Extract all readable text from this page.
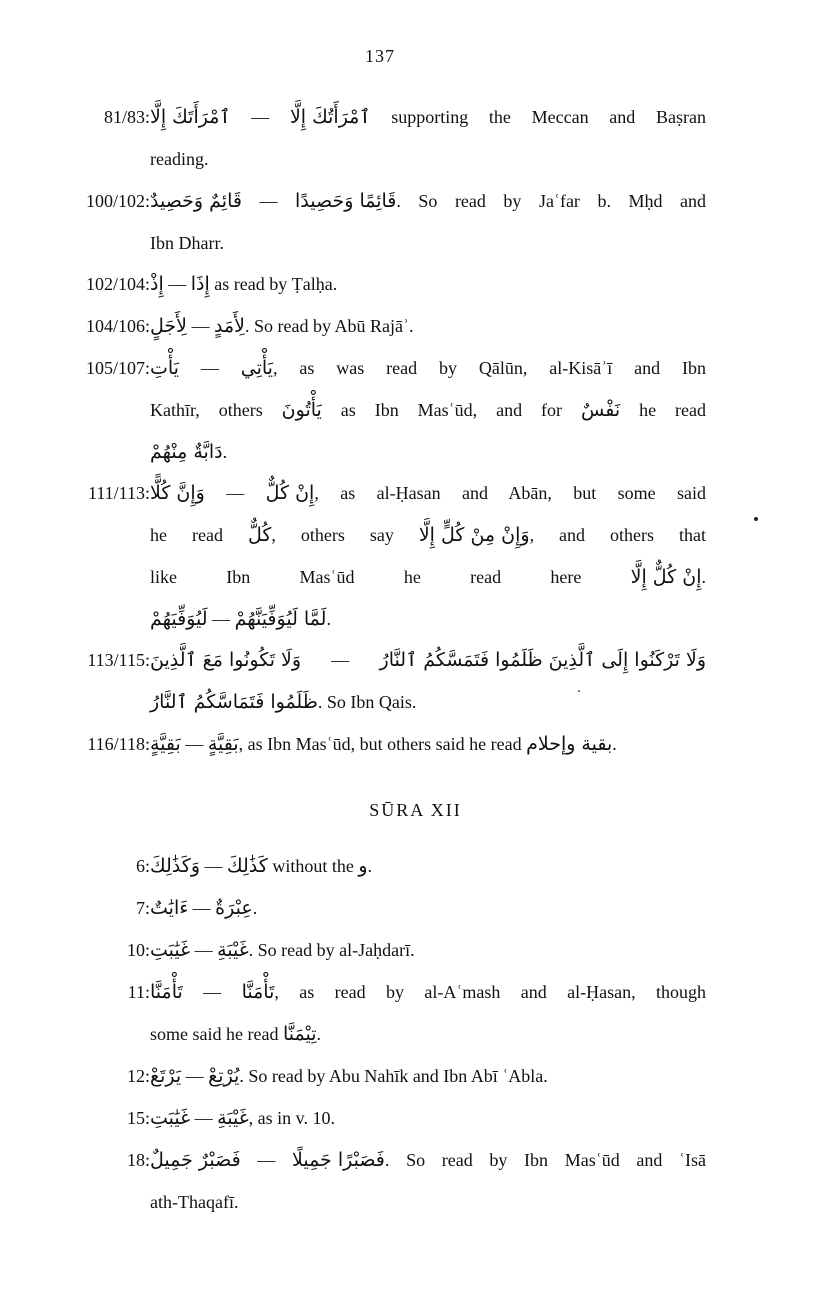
137
81/83: ٱمْرَأَتَكَ إِلَّا — ٱمْرَأَتُكَ إِلَّا supporting the Meccan and Baṣran
reading.
100/102: قَائِمٌ وَحَصِيدٌ — قَائِمًا وَحَصِيدًا. So read by Jaʿfar b. Mḥd and
Ibn Dharr.
102/104: إِذْ — إِذَا as read by Ṭalḥa.
104/106: لِأَجَلٍ — لِأَمَدٍ. So read by Abū Rajāʾ.
105/107: يَأْتِ — يَأْتِي, as was read by Qālūn, al-Kisāʾī and Ibn
Kathīr, others يَأْتُونَ as Ibn Masʿūd, and for نَفْسٌ he read
دَابَّةٌ مِنْهُمْ.
111/113: وَإِنَّ كُلًّا — إِنْ كُلٌّ, as al-Ḥasan and Abān, but some said
he read كُلٌّ, others say وَإِنْ مِنْ كُلٍّ إِلَّا, and others that
like Ibn Masʿūd he read here إِنْ كُلٌّ إِلَّا.
لَيُوَفِّيَهُمْ — لَمَّا لَيُوَفِّيَنَّهُمْ.
113/115: وَلَا تَكُونُوا مَعَ ٱلَّذِينَ — وَلَا تَرْكَنُوا إِلَى ٱلَّذِينَ ظَلَمُوا فَتَمَسَّكُمُ ٱلنَّارُ
ظَلَمُوا فَتَمَاسَّكُمُ ٱلنَّارُ. So Ibn Qais.
116/118: بَقِيَّةٍ — بَقِيَّةٍ, as Ibn Masʿūd, but others said he read بقية وإحلام.
SŪRA XII
6: وَكَذَٰلِكَ — كَذَٰلِكَ without the و.
7: ءَايَٰتٌ — عِبْرَةٌ.
10: غَيَٰبَتِ — غَيْبَةِ. So read by al-Jaḥdarī.
11: تَأْمَنَّا — تَأْمَنَّا, as read by al-Aʿmash and al-Ḥasan, though
some said he read تِيْمَنَّا.
12: يَرْتَعْ — يُرْتِعْ. So read by Abu Nahīk and Ibn Abī ʿAbla.
15: غَيَٰبَتِ — غَيْبَةِ, as in v. 10.
18: فَصَبْرٌ جَمِيلٌ — فَصَبْرًا جَمِيلًا. So read by Ibn Masʿūd and ʿIsā
ath-Thaqafī.
